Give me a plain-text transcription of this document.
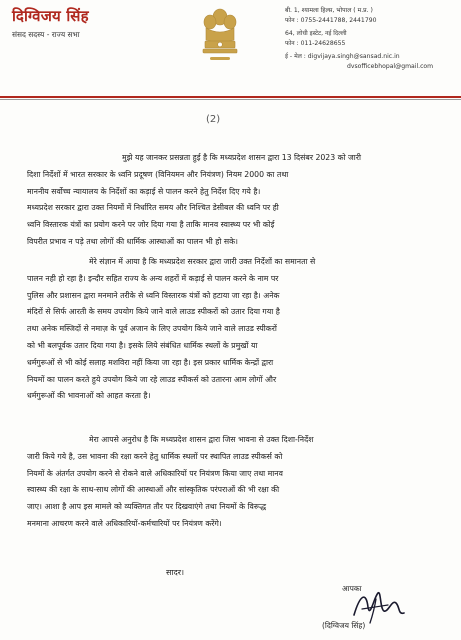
दिग्विजय सिंह
संसद सदस्य - राज्य सभा
बी. 1, श्यामला हिल्स, भोपाल ( म.प्र. )
फोन : 0755-2441788, 2441790
64, लोधी इस्टेट, नई दिल्ली
फोन : 011-24628655
ई - मेल : digvijaya.singh@sansad.nic.in
dvsofficebhopal@gmail.com
(2)
मुझे यह जानकर प्रसन्नता हुई है कि मध्यप्रदेश शासन द्वारा 13 दिसंबर 2023 को जारी
दिशा निर्देशों में भारत सरकार के ध्वनि प्रदूषण (विनियमन और नियंत्रण) नियम 2000 का तथा
माननीय सर्वोच्च न्यायालय के निर्देशों का कड़ाई से पालन करने हेतु निर्देश दिए गये है।
मध्यप्रदेश सरकार द्वारा उक्त नियमों में निर्धारित समय और निश्चित डेसीबल की ध्वनि पर ही
ध्वनि विस्तारक यंत्रों का प्रयोग करने पर जोर दिया गया है ताकि मानव स्वास्थ्य पर भी कोई
विपरीत प्रभाव न पड़े तथा लोगों की धार्मिक आस्थाओं का पालन भी हो सके।
मेरे संज्ञान में आया है कि मध्यप्रदेश सरकार द्वारा जारी उक्त निर्देशों का समानता से
पालन नही हो रहा है। इन्दौर सहित राज्य के अन्य शहरों में कड़ाई से पालन करने के नाम पर
पुलिस और प्रशासन द्वारा मनमाने तरीके से ध्वनि विस्तारक यंत्रों को हटाया जा रहा है। अनेक
मंदिरों से सिर्फ आरती के समय उपयोग किये जाने वाले लाउड स्पीकरों को उतार दिया गया है
तथा अनेक मस्जिदों से नमाज़ के पूर्व अजान के लिए उपयोग किये जाने वाले लाउड स्पीकरों
को भी बलपूर्वक उतार दिया गया है। इसके लिये संबंधित धार्मिक स्थलों के प्रमुखों या
धर्मगुरूओं से भी कोई सलाह मशविरा नहीं किया जा रहा है। इस प्रकार धार्मिक केन्द्रों द्वारा
नियमों का पालन करते हुये उपयोग किये जा रहे लाउड स्पीकर्स को उतारना आम लोगों और
धर्मगुरूओं की भावनाओं को आहत करता है।
मेरा आपसे अनुरोध है कि मध्यप्रदेश शासन द्वारा जिस भावना से उक्त दिशा-निर्देश
जारी किये गये है, उस भावना की रक्षा करने हेतु धार्मिक स्थलों पर स्थापित लाउड स्पीकर्स को
नियमों के अंतर्गत उपयोग करने से रोकने वाले अधिकारियों पर नियंत्रण किया जाए तथा मानव
स्वास्थ्य की रक्षा के साथ-साथ लोगों की आस्थाओं और सांस्कृतिक परंपराओं की भी रक्षा की
जाए। आशा है आप इस मामले को व्यक्तिगत तौर पर दिखवाएंगे तथा नियमों के विरूद्ध
मनमाना आचरण करने वाले अधिकारियों-कर्मचारियों पर नियंत्रण करेंगे।
सादर।
आपका
(दिग्विजय सिंह)
